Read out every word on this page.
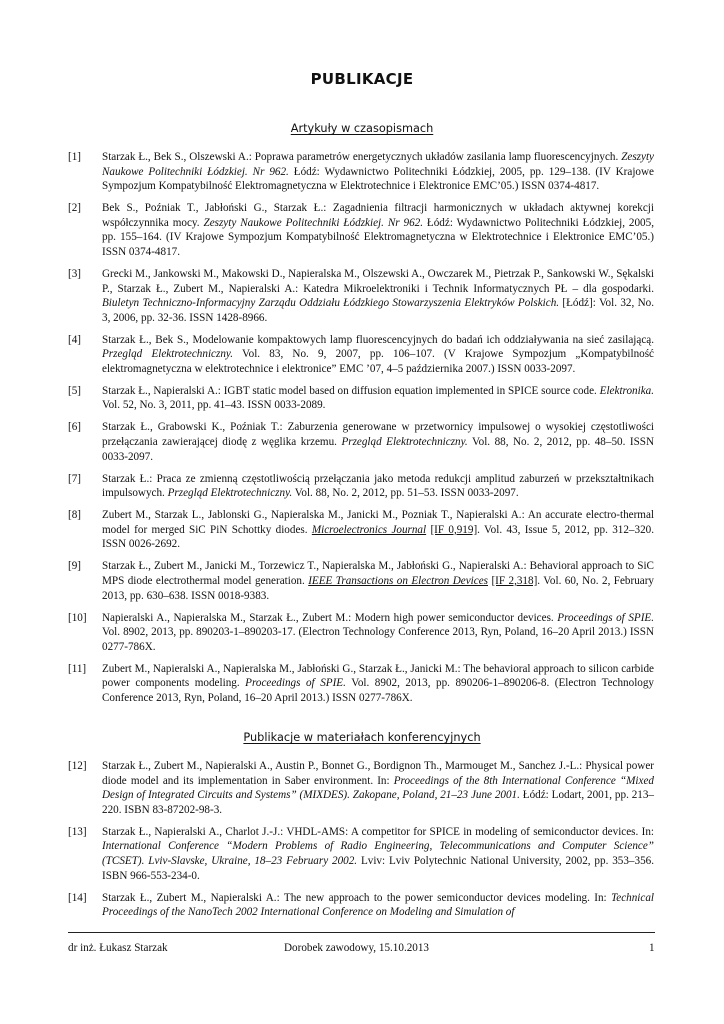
PUBLIKACJE
Artykuły w czasopismach
[1] Starzak Ł., Bek S., Olszewski A.: Poprawa parametrów energetycznych układów zasilania lamp fluorescencyjnych. Zeszyty Naukowe Politechniki Łódzkiej. Nr 962. Łódź: Wydawnictwo Politechniki Łódzkiej, 2005, pp. 129–138. (IV Krajowe Sympozjum Kompatybilność Elektromagnetyczna w Elektrotechnice i Elektronice EMC’05.) ISSN 0374-4817.
[2] Bek S., Poźniak T., Jabłoński G., Starzak Ł.: Zagadnienia filtracji harmonicznych w układach aktywnej korekcji współczynnika mocy. Zeszyty Naukowe Politechniki Łódzkiej. Nr 962. Łódź: Wydawnictwo Politechniki Łódzkiej, 2005, pp. 155–164. (IV Krajowe Sympozjum Kompatybilność Elektromagnetyczna w Elektrotechnice i Elektronice EMC’05.) ISSN 0374-4817.
[3] Grecki M., Jankowski M., Makowski D., Napieralska M., Olszewski A., Owczarek M., Pietrzak P., Sankowski W., Sękalski P., Starzak Ł., Zubert M., Napieralski A.: Katedra Mikroelektroniki i Technik Informatycznych PŁ – dla gospodarki. Biuletyn Techniczno-Informacyjny Zarządu Oddziału Łódzkiego Stowarzyszenia Elektryków Polskich. [Łódź]: Vol. 32, No. 3, 2006, pp. 32-36. ISSN 1428-8966.
[4] Starzak Ł., Bek S., Modelowanie kompaktowych lamp fluorescencyjnych do badań ich oddziaływania na sieć zasilającą. Przegląd Elektrotechniczny. Vol. 83, No. 9, 2007, pp. 106–107. (V Krajowe Sympozjum „Kompatybilność elektromagnetyczna w elektrotechnice i elektronice” EMC ’07, 4–5 października 2007.) ISSN 0033-2097.
[5] Starzak Ł., Napieralski A.: IGBT static model based on diffusion equation implemented in SPICE source code. Elektronika. Vol. 52, No. 3, 2011, pp. 41–43. ISSN 0033-2089.
[6] Starzak Ł., Grabowski K., Poźniak T.: Zaburzenia generowane w przetwornicy impulsowej o wysokiej częstotliwości przełączania zawierającej diodę z węglika krzemu. Przegląd Elektrotechniczny. Vol. 88, No. 2, 2012, pp. 48–50. ISSN 0033-2097.
[7] Starzak Ł.: Praca ze zmienną częstotliwością przełączania jako metoda redukcji amplitud zaburzeń w przekształtnikach impulsowych. Przegląd Elektrotechniczny. Vol. 88, No. 2, 2012, pp. 51–53. ISSN 0033-2097.
[8] Zubert M., Starzak L., Jablonski G., Napieralska M., Janicki M., Pozniak T., Napieralski A.: An accurate electro-thermal model for merged SiC PiN Schottky diodes. Microelectronics Journal [IF 0,919]. Vol. 43, Issue 5, 2012, pp. 312–320. ISSN 0026-2692.
[9] Starzak Ł., Zubert M., Janicki M., Torzewicz T., Napieralska M., Jabłoński G., Napieralski A.: Behavioral approach to SiC MPS diode electrothermal model generation. IEEE Transactions on Electron Devices [IF 2,318]. Vol. 60, No. 2, February 2013, pp. 630–638. ISSN 0018-9383.
[10] Napieralski A., Napieralska M., Starzak Ł., Zubert M.: Modern high power semiconductor devices. Proceedings of SPIE. Vol. 8902, 2013, pp. 890203-1–890203-17. (Electron Technology Conference 2013, Ryn, Poland, 16–20 April 2013.) ISSN 0277-786X.
[11] Zubert M., Napieralski A., Napieralska M., Jabłoński G., Starzak Ł., Janicki M.: The behavioral approach to silicon carbide power components modeling. Proceedings of SPIE. Vol. 8902, 2013, pp. 890206-1–890206-8. (Electron Technology Conference 2013, Ryn, Poland, 16–20 April 2013.) ISSN 0277-786X.
Publikacje w materiałach konferencyjnych
[12] Starzak Ł., Zubert M., Napieralski A., Austin P., Bonnet G., Bordignon Th., Marmouget M., Sanchez J.-L.: Physical power diode model and its implementation in Saber environment. In: Proceedings of the 8th International Conference “Mixed Design of Integrated Circuits and Systems” (MIXDES). Zakopane, Poland, 21–23 June 2001. Łódź: Lodart, 2001, pp. 213–220. ISBN 83-87202-98-3.
[13] Starzak Ł., Napieralski A., Charlot J.-J.: VHDL-AMS: A competitor for SPICE in modeling of semiconductor devices. In: International Conference “Modern Problems of Radio Engineering, Telecommunications and Computer Science” (TCSET). Lviv-Slavske, Ukraine, 18–23 February 2002. Lviv: Lviv Polytechnic National University, 2002, pp. 353–356. ISBN 966-553-234-0.
[14] Starzak Ł., Zubert M., Napieralski A.: The new approach to the power semiconductor devices modeling. In: Technical Proceedings of the NanoTech 2002 International Conference on Modeling and Simulation of
dr inż. Łukasz Starzak	Dorobek zawodowy, 15.10.2013	1
